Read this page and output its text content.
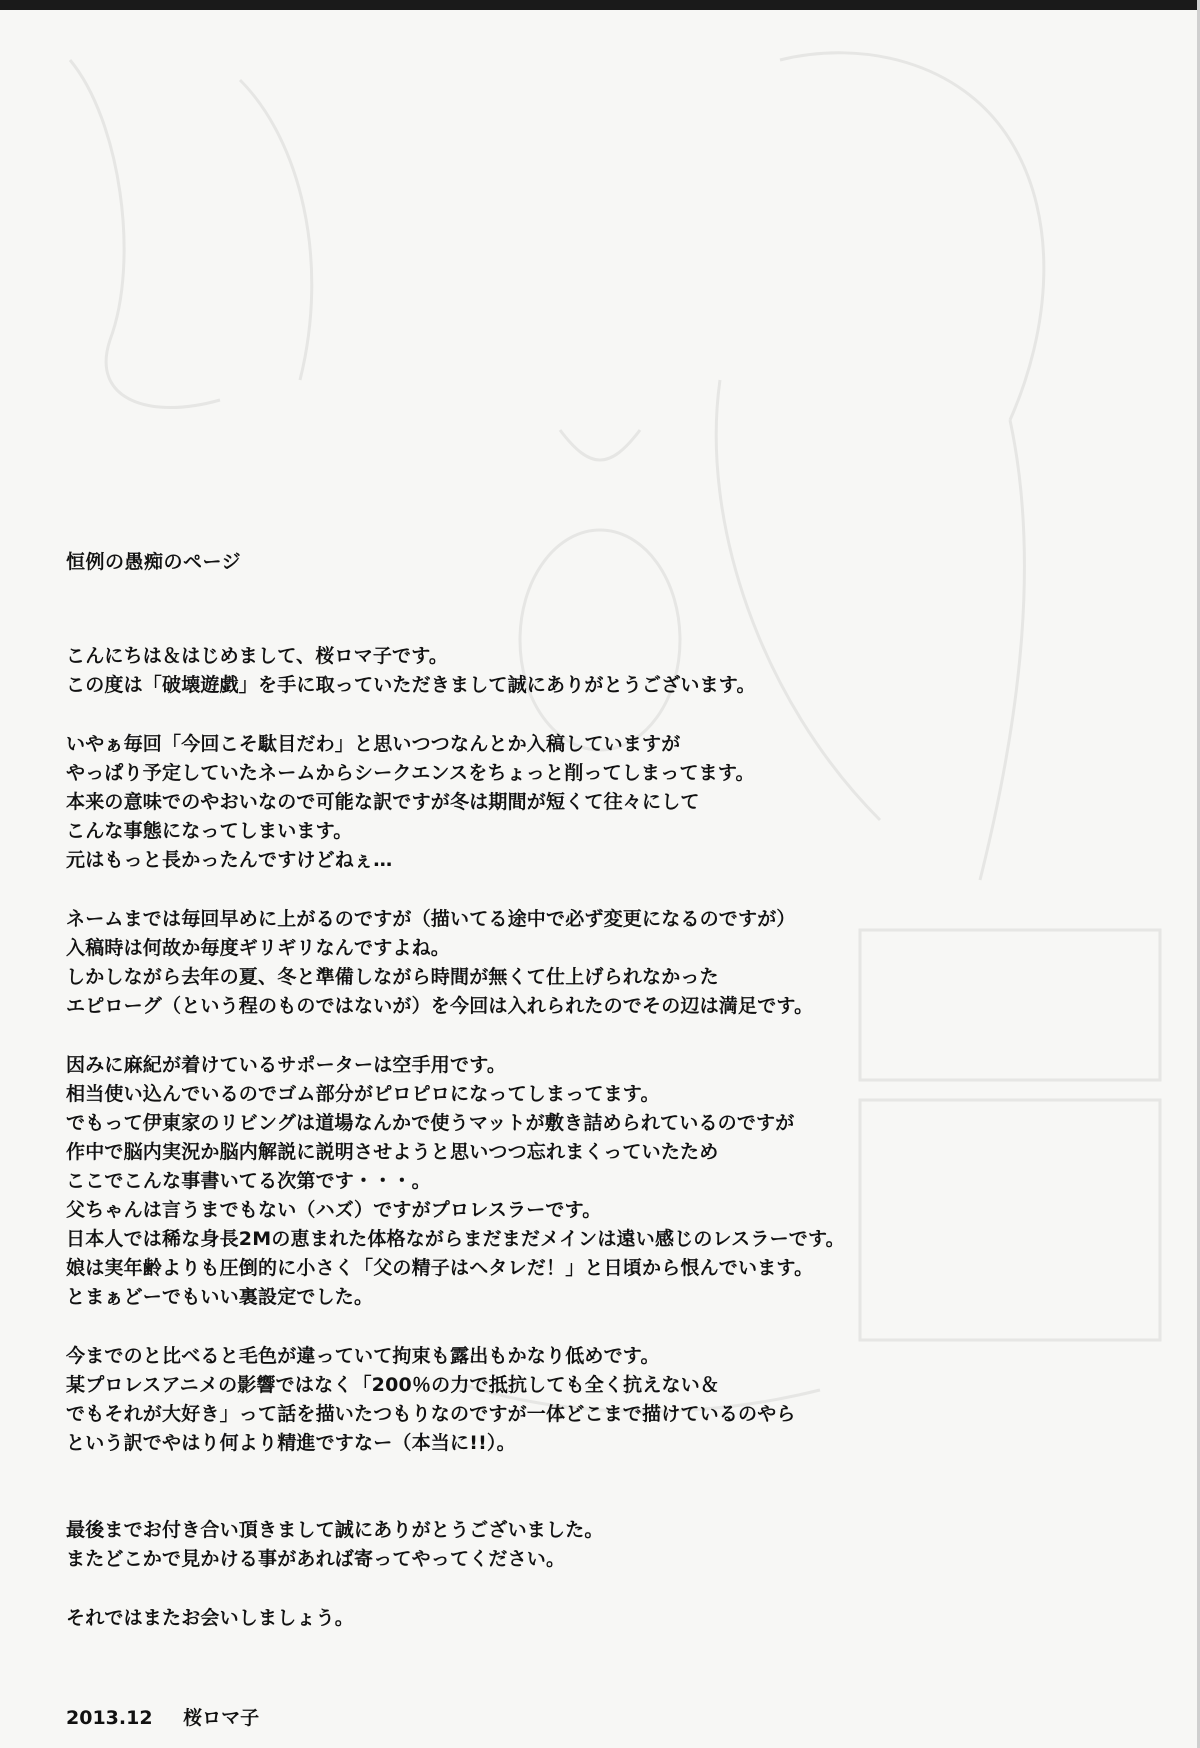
恒例の愚痴のページ
こんにちは＆はじめまして、桜ロマ子です。
この度は「破壊遊戯」を手に取っていただきまして誠にありがとうございます。
いやぁ毎回「今回こそ駄目だわ」と思いつつなんとか入稿していますが
やっぱり予定していたネームからシークエンスをちょっと削ってしまってます。
本来の意味でのやおいなので可能な訳ですが冬は期間が短くて往々にして
こんな事態になってしまいます。
元はもっと長かったんですけどねぇ…
ネームまでは毎回早めに上がるのですが（描いてる途中で必ず変更になるのですが）
入稿時は何故か毎度ギリギリなんですよね。
しかしながら去年の夏、冬と準備しながら時間が無くて仕上げられなかった
エピローグ（という程のものではないが）を今回は入れられたのでその辺は満足です。
因みに麻紀が着けているサポーターは空手用です。
相当使い込んでいるのでゴム部分がピロピロになってしまってます。
でもって伊東家のリビングは道場なんかで使うマットが敷き詰められているのですが
作中で脳内実況か脳内解説に説明させようと思いつつ忘れまくっていたため
ここでこんな事書いてる次第です・・・。
父ちゃんは言うまでもない（ハズ）ですがプロレスラーです。
日本人では稀な身長2Mの恵まれた体格ながらまだまだメインは遠い感じのレスラーです。
娘は実年齢よりも圧倒的に小さく「父の精子はヘタレだ！」と日頃から恨んでいます。
とまぁどーでもいい裏設定でした。
今までのと比べると毛色が違っていて拘束も露出もかなり低めです。
某プロレスアニメの影響ではなく「200％の力で抵抗しても全く抗えない＆
でもそれが大好き」って話を描いたつもりなのですが一体どこまで描けているのやら
という訳でやはり何より精進ですなー（本当に!!）。
最後までお付き合い頂きまして誠にありがとうございました。
またどこかで見かける事があれば寄ってやってください。
それではまたお会いしましょう。
2013.12 桜ロマ子
